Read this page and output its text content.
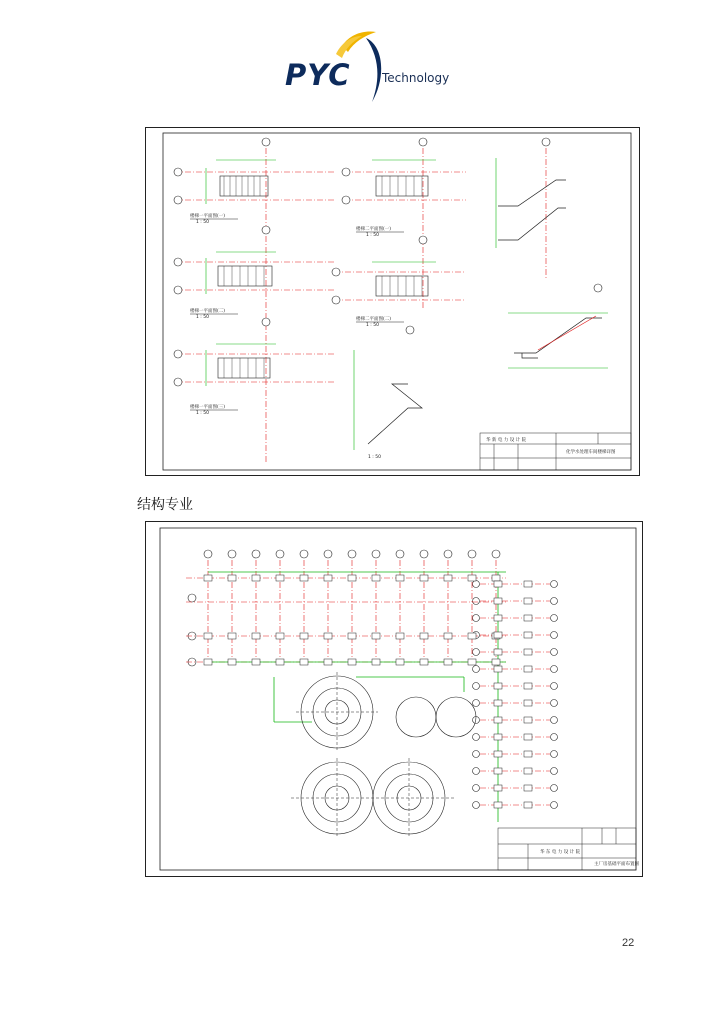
PYC	Technology
楼梯一平面图(一)
楼梯一平面图(二)
楼梯一平面图(三)
楼梯二平面图(一)
楼梯二平面图(二)
1 : 50
1 : 50
1 : 50
1 : 50
1 : 50
1 : 50
华 新 电 力 设 计 院
化学水处理车间楼梯详图
结构专业
华 东 电 力 设 计 院
主厂房基础平面布置图
22
